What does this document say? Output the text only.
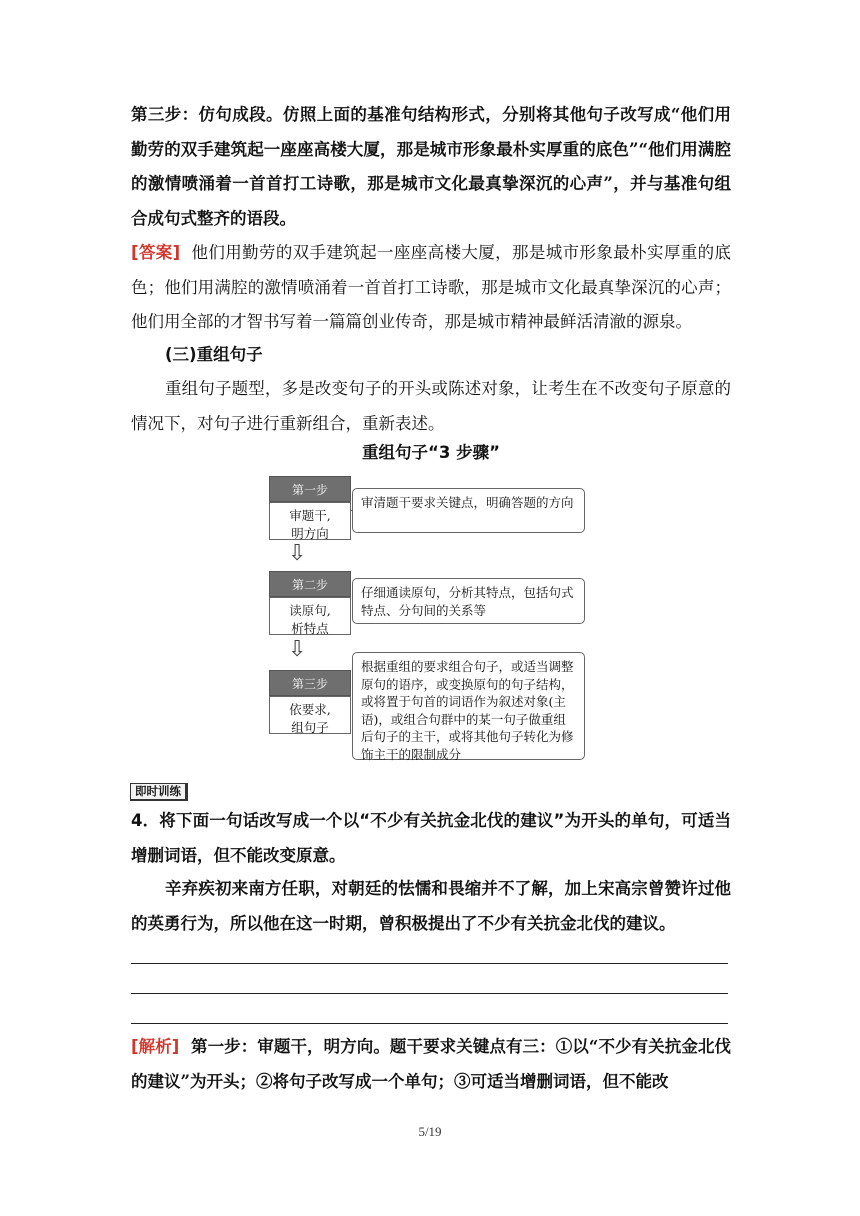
第三步：仿句成段。仿照上面的基准句结构形式，分别将其他句子改写成“他们用勤劳的双手建筑起一座座高楼大厦，那是城市形象最朴实厚重的底色”“他们用满腔的激情喷涌着一首首打工诗歌，那是城市文化最真挚深沉的心声”，并与基准句组合成句式整齐的语段。
[答案] 他们用勤劳的双手建筑起一座座高楼大厦，那是城市形象最朴实厚重的底色；他们用满腔的激情喷涌着一首首打工诗歌，那是城市文化最真挚深沉的心声；他们用全部的才智书写着一篇篇创业传奇，那是城市精神最鲜活清澈的源泉。
(三)重组句子
重组句子题型，多是改变句子的开头或陈述对象，让考生在不改变句子原意的情况下，对句子进行重新组合，重新表述。
重组句子“3 步骤”
第一步
审题干,
明方向
审清题干要求关键点，明确答题的方向
⇩
第二步
读原句,
析特点
仔细通读原句，分析其特点，包括句式特点、分句间的关系等
⇩
第三步
依要求,
组句子
根据重组的要求组合句子，或适当调整原句的语序，或变换原句的句子结构，或将置于句首的词语作为叙述对象(主语)，或组合句群中的某一句子做重组后句子的主干，或将其他句子转化为修饰主干的限制成分
即时训练
4．将下面一句话改写成一个以“不少有关抗金北伐的建议”为开头的单句，可适当增删词语，但不能改变原意。
辛弃疾初来南方任职，对朝廷的怯懦和畏缩并不了解，加上宋高宗曾赞许过他的英勇行为，所以他在这一时期，曾积极提出了不少有关抗金北伐的建议。
[解析] 第一步：审题干，明方向。题干要求关键点有三：①以“不少有关抗金北伐的建议”为开头；②将句子改写成一个单句；③可适当增删词语，但不能改
5/19
